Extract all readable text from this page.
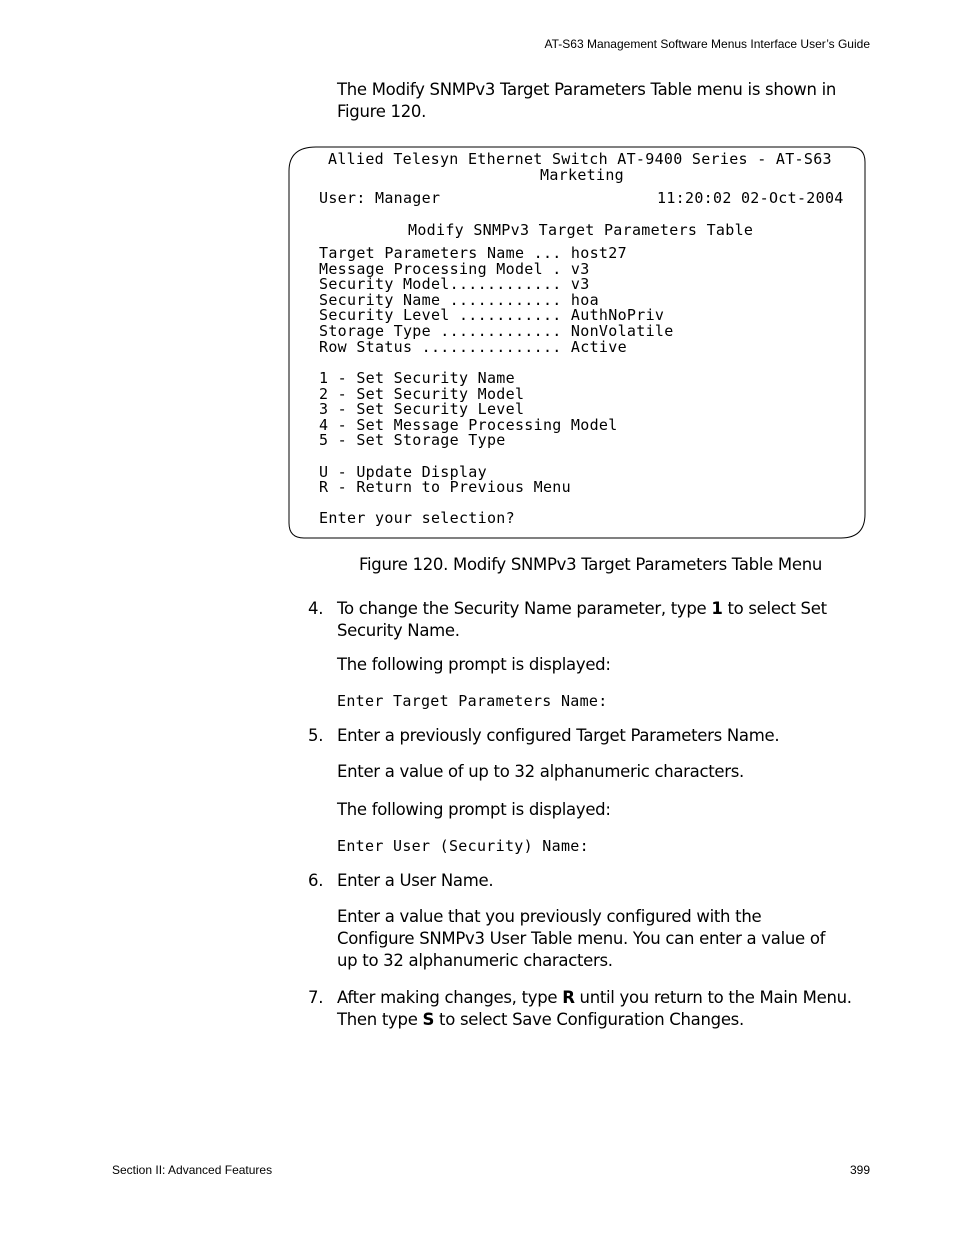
AT-S63 Management Software Menus Interface User’s Guide
The Modify SNMPv3 Target Parameters Table menu is shown in Figure 120.
Allied Telesyn Ethernet Switch AT-9400 Series - AT-S63
Marketing
User: Manager	11:20:02 02-Oct-2004
Modify SNMPv3 Target Parameters Table
Target Parameters Name ... host27
Message Processing Model . v3
Security Model............ v3
Security Name ............ hoa
Security Level ........... AuthNoPriv
Storage Type ............. NonVolatile
Row Status ............... Active
1 - Set Security Name
2 - Set Security Model
3 - Set Security Level
4 - Set Message Processing Model
5 - Set Storage Type
U - Update Display
R - Return to Previous Menu
Enter your selection?
Figure 120. Modify SNMPv3 Target Parameters Table Menu
4. To change the Security Name parameter, type 1 to select Set Security Name.
The following prompt is displayed:
Enter Target Parameters Name:
5. Enter a previously configured Target Parameters Name.
Enter a value of up to 32 alphanumeric characters.
The following prompt is displayed:
Enter User (Security) Name:
6. Enter a User Name.
Enter a value that you previously configured with the Configure SNMPv3 User Table menu. You can enter a value of up to 32 alphanumeric characters.
7. After making changes, type R until you return to the Main Menu. Then type S to select Save Configuration Changes.
Section II: Advanced Features	399
